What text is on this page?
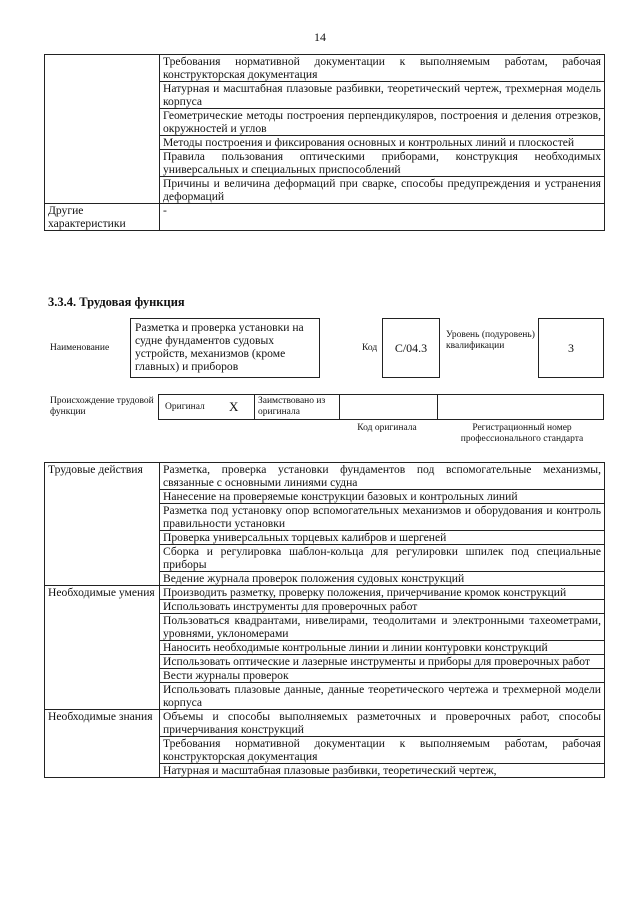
14
	Требования нормативной документации к выполняемым работам, рабочая конструкторская документация
	Натурная и масштабная плазовые разбивки, теоретический чертеж, трехмерная модель корпуса
	Геометрические методы построения перпендикуляров, построения и деления отрезков, окружностей и углов
	Методы построения и фиксирования основных и контрольных линий и плоскостей
	Правила пользования оптическими приборами, конструкция необходимых универсальных и специальных приспособлений
	Причины и величина деформаций при сварке, способы предупреждения и устранения деформаций
Другие характеристики	-
3.3.4. Трудовая функция
Наименование
Разметка и проверка установки на судне фундаментов судовых устройств, механизмов (кроме главных) и приборов
Код	С/04.3
Уровень (подуровень) квалификации	3
Происхождение трудовой функции	Оригинал X Заимствовано из оригинала
Код оригинала	Регистрационный номер профессионального стандарта
Трудовые действия	Разметка, проверка установки фундаментов под вспомогательные механизмы, связанные с основными линиями судна
	Нанесение на проверяемые конструкции базовых и контрольных линий
	Разметка под установку опор вспомогательных механизмов и оборудования и контроль правильности установки
	Проверка универсальных торцевых калибров и шергеней
	Сборка и регулировка шаблон-кольца для регулировки шпилек под специальные приборы
	Ведение журнала проверок положения судовых конструкций
Необходимые умения	Производить разметку, проверку положения, причерчивание кромок конструкций
	Использовать инструменты для проверочных работ
	Пользоваться квадрантами, нивелирами, теодолитами и электронными тахеометрами, уровнями, уклономерами
	Наносить необходимые контрольные линии и линии контуровки конструкций
	Использовать оптические и лазерные инструменты и приборы для проверочных работ
	Вести журналы проверок
	Использовать плазовые данные, данные теоретического чертежа и трехмерной модели корпуса
Необходимые знания	Объемы и способы выполняемых разметочных и проверочных работ, способы причерчивания конструкций
	Требования нормативной документации к выполняемым работам, рабочая конструкторская документация
	Натурная и масштабная плазовые разбивки, теоретический чертеж,
